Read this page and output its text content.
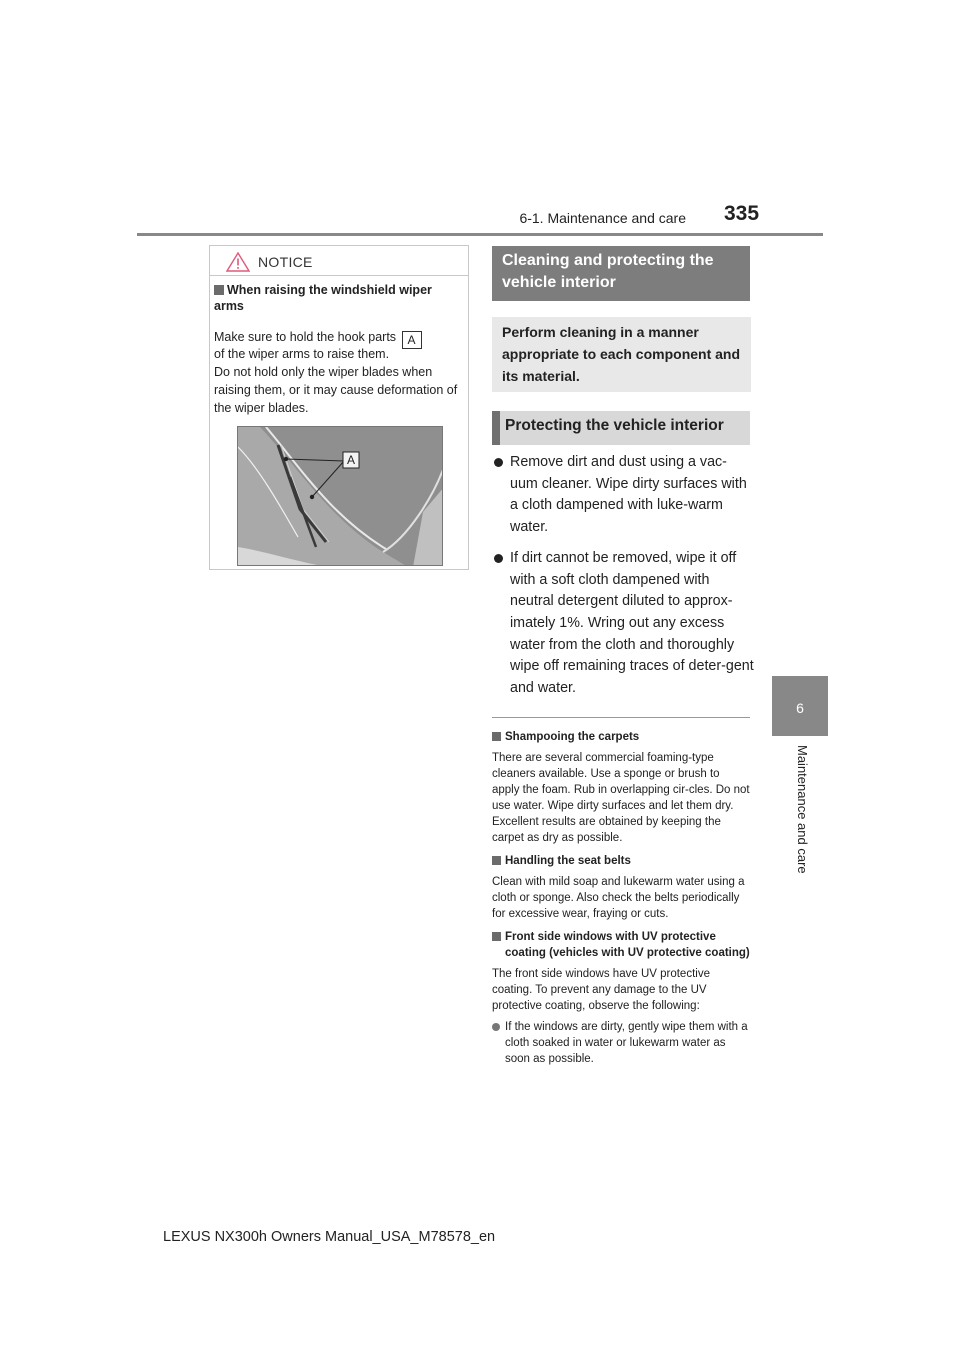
6-1. Maintenance and care 335
6
Maintenance and care
NOTICE
When raising the windshield wiper arms
Make sure to hold the hook parts A
of the wiper arms to raise them.
Do not hold only the wiper blades when raising them, or it may cause deformation of the wiper blades.
A
Cleaning and protecting the vehicle interior
Perform cleaning in a manner appropriate to each component and its material.
Protecting the vehicle interior
Remove dirt and dust using a vac-uum cleaner. Wipe dirty surfaces with a cloth dampened with luke-warm water.
If dirt cannot be removed, wipe it off with a soft cloth dampened with neutral detergent diluted to approx-imately 1%. Wring out any excess water from the cloth and thoroughly wipe off remaining traces of deter-gent and water.
Shampooing the carpets
There are several commercial foaming-type cleaners available. Use a sponge or brush to apply the foam. Rub in overlapping cir-cles. Do not use water. Wipe dirty surfaces and let them dry. Excellent results are obtained by keeping the carpet as dry as possible.
Handling the seat belts
Clean with mild soap and lukewarm water using a cloth or sponge. Also check the belts periodically for excessive wear, fraying or cuts.
Front side windows with UV protective coating (vehicles with UV protective coating)
The front side windows have UV protective coating. To prevent any damage to the UV protective coating, observe the following:
If the windows are dirty, gently wipe them with a cloth soaked in water or lukewarm water as soon as possible.
LEXUS NX300h Owners Manual_USA_M78578_en
